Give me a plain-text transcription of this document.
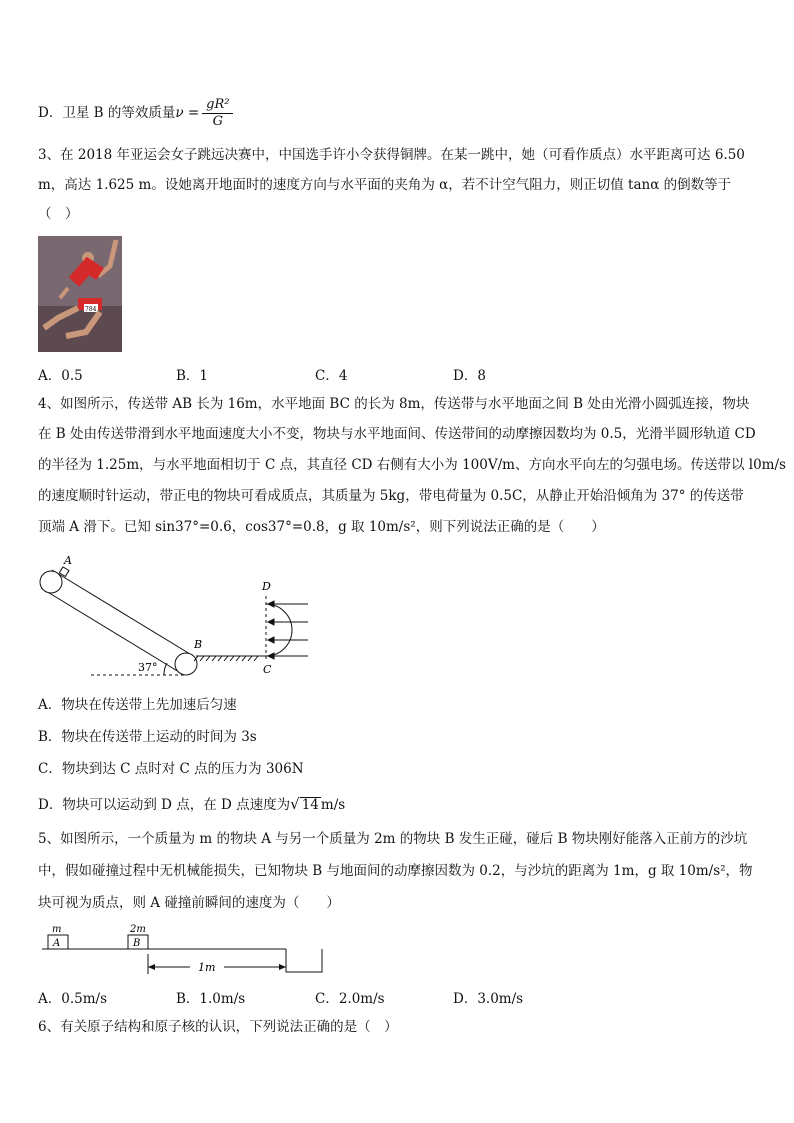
D．卫星 B 的等效质量$\nu = \frac{\text{gR²}}{G}$
3、在 2018 年亚运会女子跳远决赛中，中国选手许小令获得铜牌。在某一跳中，她（可看作质点）水平距离可达 6.50
m，高达 1.625 m。设她离开地面时的速度方向与水平面的夹角为 α，若不计空气阻力，则正切值 tanα 的倒数等于
（　）
784
A．0.5	B．1	C．4	D．8
4、如图所示，传送带 AB 长为 16m，水平地面 BC 的长为 8m，传送带与水平地面之间 B 处由光滑小圆弧连接，物块
在 B 处由传送带滑到水平地面速度大小不变，物块与水平地面间、传送带间的动摩擦因数均为 0.5，光滑半圆形轨道 CD
的半径为 1.25m，与水平地面相切于 C 点，其直径 CD 右侧有大小为 100V/m、方向水平向左的匀强电场。传送带以 l0m/s
的速度顺时针运动，带正电的物块可看成质点，其质量为 5kg，带电荷量为 0.5C，从静止开始沿倾角为 37° 的传送带
顶端 A 滑下。已知 sin37°=0.6，cos37°=0.8，g 取 10m/s²，则下列说法正确的是（　　）
A
37°
B
D
C
A．物块在传送带上先加速后匀速
B．物块在传送带上运动的时间为 3s
C．物块到达 C 点时对 C 点的压力为 306N
D．物块可以运动到 D 点，在 D 点速度为√ 14 m/s
5、如图所示，一个质量为 m 的物块 A 与另一个质量为 2m 的物块 B 发生正碰，碰后 B 物块刚好能落入正前方的沙坑
中，假如碰撞过程中无机械能损失，已知物块 B 与地面间的动摩擦因数为 0.2，与沙坑的距离为 1m，g 取 10m/s²，物
块可视为质点，则 A 碰撞前瞬间的速度为（　　）
m
A
2m
B
1m
A．0.5m/s	B．1.0m/s	C．2.0m/s	D．3.0m/s
6、有关原子结构和原子核的认识，下列说法正确的是（　）
